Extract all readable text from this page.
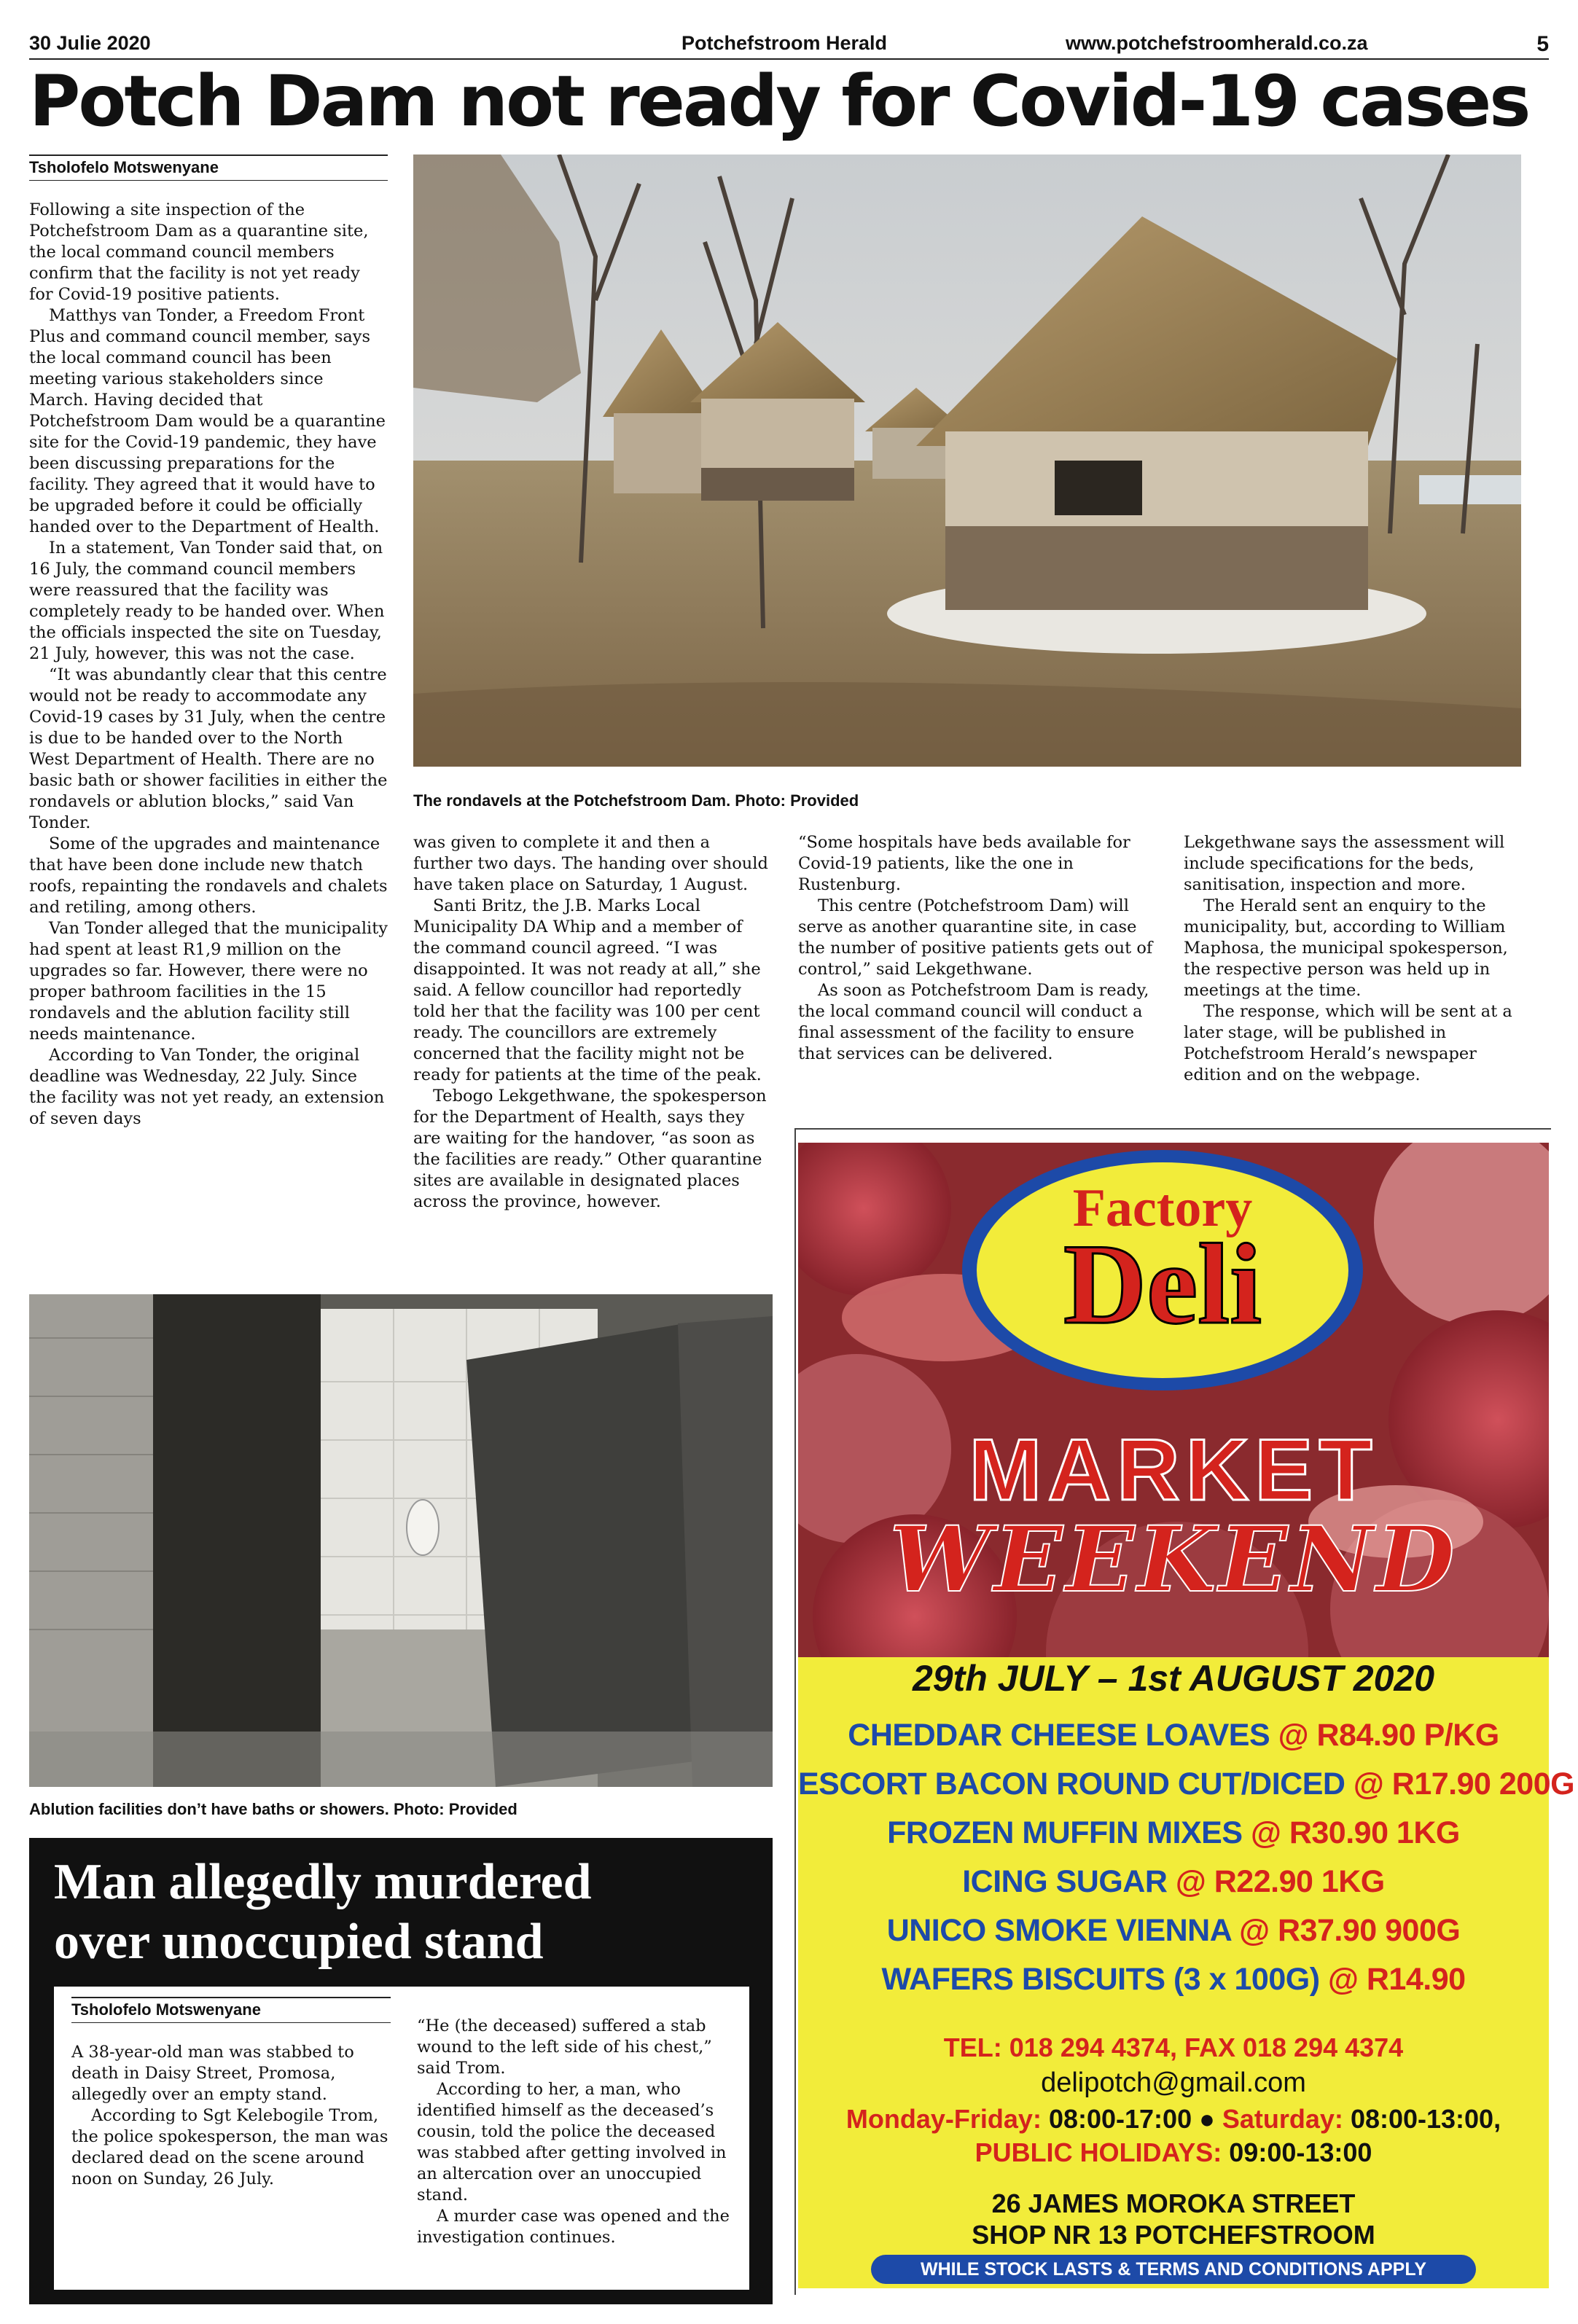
30 Julie 2020	Potchefstroom Herald	www.potchefstroomherald.co.za	5
Potch Dam not ready for Covid-19 cases
Tsholofelo Motswenyane

Following a site inspection of the Potchefstroom Dam as a quarantine site, the local command council members confirm that the facility is not yet ready for Covid-19 positive patients.

Matthys van Tonder, a Freedom Front Plus and command council member, says the local command council has been meeting various stakeholders since March. Having decided that Potchefstroom Dam would be a quarantine site for the Covid-19 pandemic, they have been discussing preparations for the facility. They agreed that it would have to be upgraded before it could be officially handed over to the Department of Health.

In a statement, Van Tonder said that, on 16 July, the command council members were reassured that the facility was completely ready to be handed over. When the officials inspected the site on Tuesday, 21 July, however, this was not the case.

“It was abundantly clear that this centre would not be ready to accommodate any Covid-19 cases by 31 July, when the centre is due to be handed over to the North West Department of Health. There are no basic bath or shower facilities in either the rondavels or ablution blocks,” said Van Tonder.

Some of the upgrades and maintenance that have been done include new thatch roofs, repainting the rondavels and chalets and retiling, among others.

Van Tonder alleged that the municipality had spent at least R1,9 million on the upgrades so far. However, there were no proper bathroom facilities in the 15 rondavels and the ablution facility still needs maintenance.

According to Van Tonder, the original deadline was Wednesday, 22 July. Since the facility was not yet ready, an extension of seven days

The rondavels at the Potchefstroom Dam. Photo: Provided

was given to complete it and then a further two days. The handing over should have taken place on Saturday, 1 August.

Santi Britz, the J.B. Marks Local Municipality DA Whip and a member of the command council agreed. “I was disappointed. It was not ready at all,” she said. A fellow councillor had reportedly told her that the facility was 100 per cent ready. The councillors are extremely concerned that the facility might not be ready for patients at the time of the peak.

Tebogo Lekgethwane, the spokesperson for the Department of Health, says they are waiting for the handover, “as soon as the facilities are ready.” Other quarantine sites are available in designated places across the province, however.

“Some hospitals have beds available for Covid-19 patients, like the one in Rustenburg.

This centre (Potchefstroom Dam) will serve as another quarantine site, in case the number of positive patients gets out of control,” said Lekgethwane.

As soon as Potchefstroom Dam is ready, the local command council will conduct a final assessment of the facility to ensure that services can be delivered.

Lekgethwane says the assessment will include specifications for the beds, sanitisation, inspection and more.

The Herald sent an enquiry to the municipality, but, according to William Maphosa, the municipal spokesperson, the respective person was held up in meetings at the time.

The response, which will be sent at a later stage, will be published in Potchefstroom Herald’s newspaper edition and on the webpage.

Ablution facilities don’t have baths or showers. Photo: Provided
Man allegedly murdered
over unoccupied stand
Tsholofelo Motswenyane

A 38-year-old man was stabbed to death in Daisy Street, Promosa, allegedly over an empty stand.

According to Sgt Kelebogile Trom, the police spokesperson, the man was declared dead on the scene around noon on Sunday, 26 July.

“He (the deceased) suffered a stab wound to the left side of his chest,” said Trom.

According to her, a man, who identified himself as the deceased’s cousin, told the police the deceased was stabbed after getting involved in an altercation over an unoccupied stand.

A murder case was opened and the investigation continues.

Factory
Deli
MARKET
WEEKEND
29th JULY – 1st AUGUST 2020
CHEDDAR CHEESE LOAVES @ R84.90 P/KG
ESCORT BACON ROUND CUT/DICED @ R17.90 200G
FROZEN MUFFIN MIXES @ R30.90 1KG
ICING SUGAR @ R22.90 1KG
UNICO SMOKE VIENNA @ R37.90 900G
WAFERS BISCUITS (3 x 100G) @ R14.90
TEL: 018 294 4374, FAX 018 294 4374
delipotch@gmail.com
Monday-Friday: 08:00-17:00 ● Saturday: 08:00-13:00,
PUBLIC HOLIDAYS: 09:00-13:00
26 JAMES MOROKA STREET
SHOP NR 13 POTCHEFSTROOM
WHILE STOCK LASTS & TERMS AND CONDITIONS APPLY
